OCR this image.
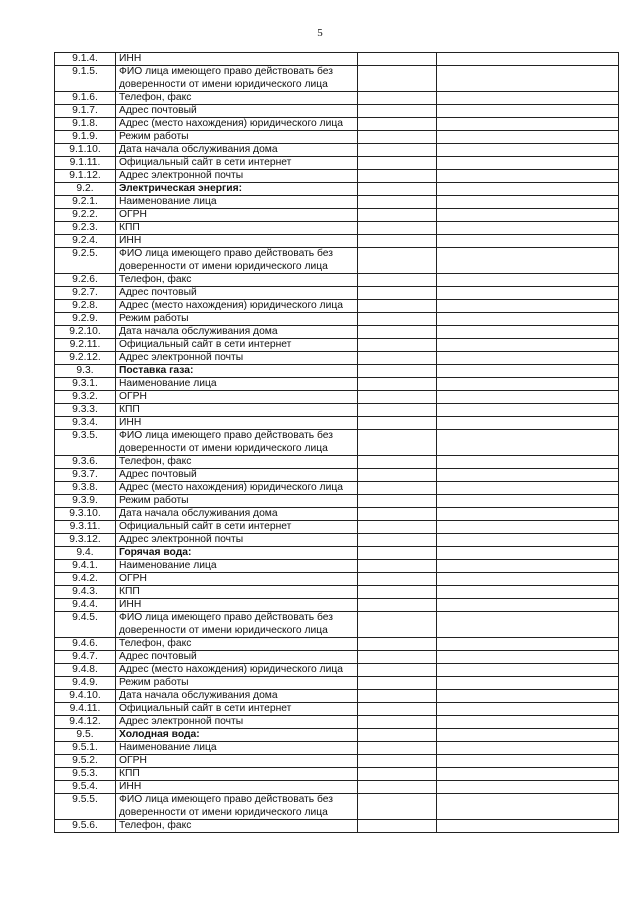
5
9.1.4.	ИНН		
9.1.5.	ФИО лица имеющего право действовать без доверенности от имени юридического лица		
9.1.6.	Телефон, факс		
9.1.7.	Адрес почтовый		
9.1.8.	Адрес (место нахождения) юридического лица		
9.1.9.	Режим работы		
9.1.10.	Дата начала обслуживания дома		
9.1.11.	Официальный сайт в сети интернет		
9.1.12.	Адрес электронной почты		
9.2.	Электрическая энергия:		
9.2.1.	Наименование лица		
9.2.2.	ОГРН		
9.2.3.	КПП		
9.2.4.	ИНН		
9.2.5.	ФИО лица имеющего право действовать без доверенности от имени юридического лица		
9.2.6.	Телефон, факс		
9.2.7.	Адрес почтовый		
9.2.8.	Адрес (место нахождения) юридического лица		
9.2.9.	Режим работы		
9.2.10.	Дата начала обслуживания дома		
9.2.11.	Официальный сайт в сети интернет		
9.2.12.	Адрес электронной почты		
9.3.	Поставка газа:		
9.3.1.	Наименование лица		
9.3.2.	ОГРН		
9.3.3.	КПП		
9.3.4.	ИНН		
9.3.5.	ФИО лица имеющего право действовать без доверенности от имени юридического лица		
9.3.6.	Телефон, факс		
9.3.7.	Адрес почтовый		
9.3.8.	Адрес (место нахождения) юридического лица		
9.3.9.	Режим работы		
9.3.10.	Дата начала обслуживания дома		
9.3.11.	Официальный сайт в сети интернет		
9.3.12.	Адрес электронной почты		
9.4.	Горячая вода:		
9.4.1.	Наименование лица		
9.4.2.	ОГРН		
9.4.3.	КПП		
9.4.4.	ИНН		
9.4.5.	ФИО лица имеющего право действовать без доверенности от имени юридического лица		
9.4.6.	Телефон, факс		
9.4.7.	Адрес почтовый		
9.4.8.	Адрес (место нахождения) юридического лица		
9.4.9.	Режим работы		
9.4.10.	Дата начала обслуживания дома		
9.4.11.	Официальный сайт в сети интернет		
9.4.12.	Адрес электронной почты		
9.5.	Холодная вода:		
9.5.1.	Наименование лица		
9.5.2.	ОГРН		
9.5.3.	КПП		
9.5.4.	ИНН		
9.5.5.	ФИО лица имеющего право действовать без доверенности от имени юридического лица		
9.5.6.	Телефон, факс		
